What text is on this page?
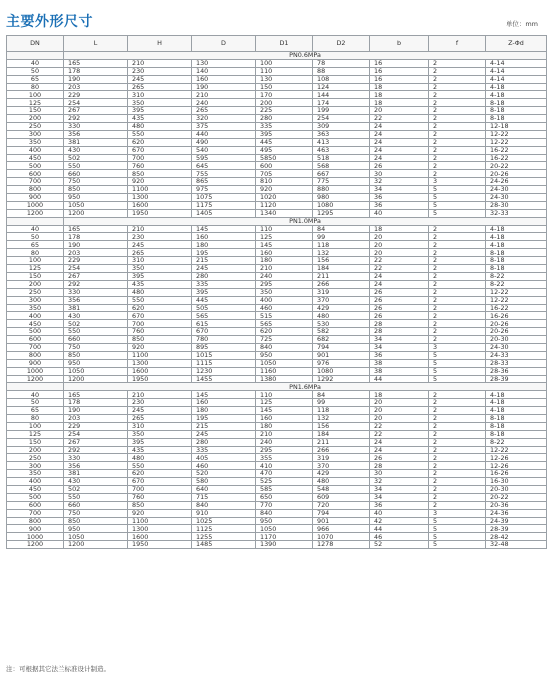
主要外形尺寸	单位：mm
DN	L	H	D	D1	D2	b	f	Z-Φd
	PN0.6MPa							
40	165	210	130	100	78	16	2	4-14
50	178	230	140	110	88	16	2	4-14
65	190	245	160	130	108	16	2	4-14
80	203	265	190	150	124	18	2	4-18
100	229	310	210	170	144	18	2	4-18
125	254	350	240	200	174	18	2	8-18
150	267	395	265	225	199	20	2	8-18
200	292	435	320	280	254	22	2	8-18
250	330	480	375	335	309	24	2	12-18
300	356	550	440	395	363	24	2	12-22
350	381	620	490	445	413	24	2	12-22
400	430	670	540	495	463	24	2	16-22
450	502	700	595	5850	518	24	2	16-22
500	550	760	645	600	568	26	2	20-22
600	660	850	755	705	667	30	2	20-26
700	750	920	865	810	775	32	3	24-26
800	850	1100	975	920	880	34	5	24-30
900	950	1300	1075	1020	980	36	5	24-30
1000	1050	1600	1175	1120	1080	36	5	28-30
1200	1200	1950	1405	1340	1295	40	5	32-33
	PN1.0MPa							
40	165	210	145	110	84	18	2	4-18
50	178	230	160	125	99	20	2	4-18
65	190	245	180	145	118	20	2	4-18
80	203	265	195	160	132	20	2	8-18
100	229	310	215	180	156	22	2	8-18
125	254	350	245	210	184	22	2	8-18
150	267	395	280	240	211	24	2	8-22
200	292	435	335	295	266	24	2	8-22
250	330	480	395	350	319	26	2	12-22
300	356	550	445	400	370	26	2	12-22
350	381	620	505	460	429	26	2	16-22
400	430	670	565	515	480	26	2	16-26
450	502	700	615	565	530	28	2	20-26
500	550	760	670	620	582	28	2	20-26
600	660	850	780	725	682	34	2	20-30
700	750	920	895	840	794	34	3	24-30
800	850	1100	1015	950	901	36	5	24-33
900	950	1300	1115	1050	976	38	5	28-33
1000	1050	1600	1230	1160	1080	38	5	28-36
1200	1200	1950	1455	1380	1292	44	5	28-39
	PN1.6MPa							
40	165	210	145	110	84	18	2	4-18
50	178	230	160	125	99	20	2	4-18
65	190	245	180	145	118	20	2	4-18
80	203	265	195	160	132	20	2	8-18
100	229	310	215	180	156	22	2	8-18
125	254	350	245	210	184	22	2	8-18
150	267	395	280	240	211	24	2	8-22
200	292	435	335	295	266	24	2	12-22
250	330	480	405	355	319	26	2	12-26
300	356	550	460	410	370	28	2	12-26
350	381	620	520	470	429	30	2	16-26
400	430	670	580	525	480	32	2	16-30
450	502	700	640	585	548	34	2	20-30
500	550	760	715	650	609	34	2	20-22
600	660	850	840	770	720	36	2	20-36
700	750	920	910	840	794	40	3	24-36
800	850	1100	1025	950	901	42	5	24-39
900	950	1300	1125	1050	966	44	5	28-39
1000	1050	1600	1255	1170	1070	46	5	28-42
1200	1200	1950	1485	1390	1278	52	5	32-48
注：可根据其它法兰标准设计制造。
